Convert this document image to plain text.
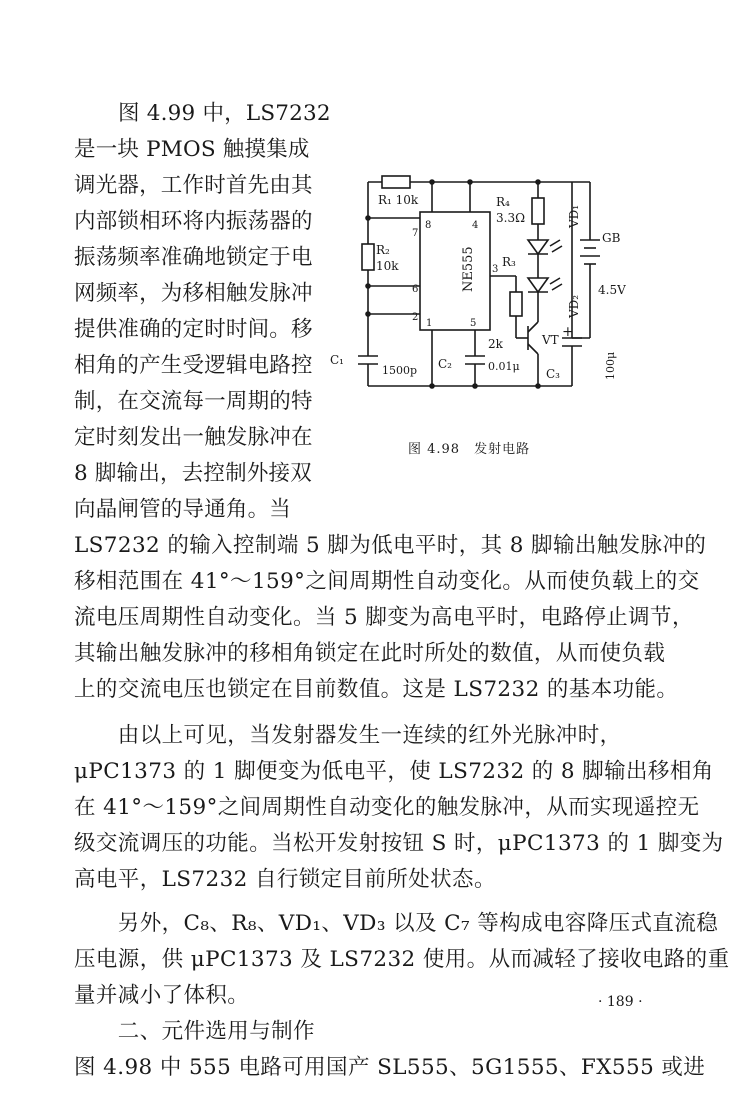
图 4.99 中，LS7232
是一块 PMOS 触摸集成
调光器，工作时首先由其
内部锁相环将内振荡器的
振荡频率准确地锁定于电
网频率，为移相触发脉冲
提供准确的定时时间。移
相角的产生受逻辑电路控
制，在交流每一周期的特
定时刻发出一触发脉冲在
8 脚输出，去控制外接双
向晶闸管的导通角。当
LS7232 的输入控制端 5 脚为低电平时，其 8 脚输出触发脉冲的
移相范围在 41°～159°之间周期性自动变化。从而使负载上的交
流电压周期性自动变化。当 5 脚变为高电平时，电路停止调节，
其输出触发脉冲的移相角锁定在此时所处的数值，从而使负载
上的交流电压也锁定在目前数值。这是 LS7232 的基本功能。
　　由以上可见，当发射器发生一连续的红外光脉冲时，
μPC1373 的 1 脚便变为低电平，使 LS7232 的 8 脚输出移相角
在 41°～159°之间周期性自动变化的触发脉冲，从而实现遥控无
级交流调压的功能。当松开发射按钮 S 时，μPC1373 的 1 脚变为
高电平，LS7232 自行锁定目前所处状态。
　　另外，C₈、R₈、VD₁、VD₃ 以及 C₇ 等构成电容降压式直流稳
压电源，供 μPC1373 及 LS7232 使用。从而减轻了接收电路的重
量并减小了体积。
　　二、元件选用与制作
图 4.98 中 555 电路可用国产 SL555、5G1555、FX555 或进
R₁ 10k
R₂
10k
R₄
3.3Ω
NE555
8
7
6
2
1	5
4
3
R₃
2k	VT
VD₁
VD₂
GB
4.5V
C₁
1500p C₂	0.01μ
C₃	100μ
+
图 4.98　发射电路
· 189 ·
